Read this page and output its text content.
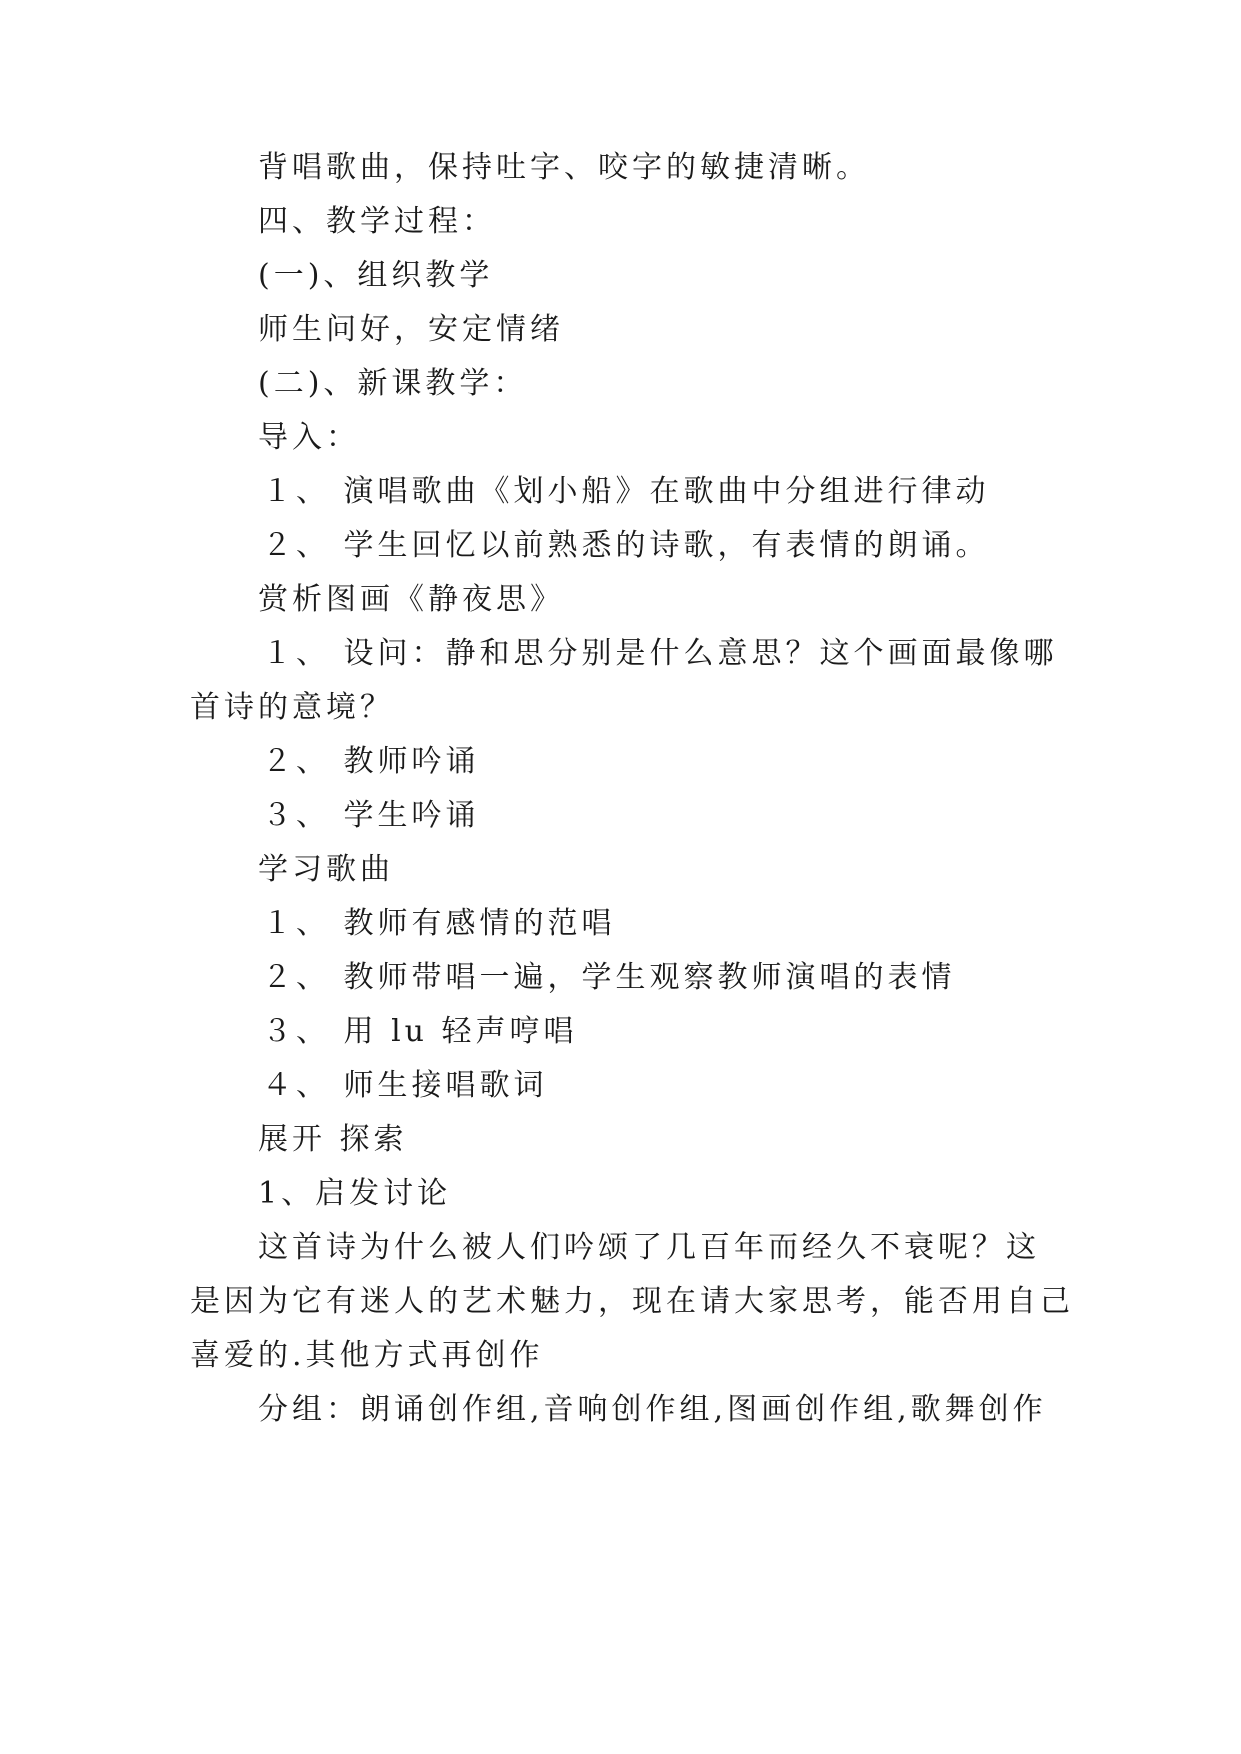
背唱歌曲，保持吐字、咬字的敏捷清晰。
四、教学过程：
(一)、组织教学
师生问好，安定情绪
(二)、新课教学：
导入：
１、 演唱歌曲《划小船》在歌曲中分组进行律动
２、 学生回忆以前熟悉的诗歌，有表情的朗诵。
赏析图画《静夜思》
１、 设问：静和思分别是什么意思？这个画面最像哪
首诗的意境？
２、 教师吟诵
３、 学生吟诵
学习歌曲
１、 教师有感情的范唱
２、 教师带唱一遍，学生观察教师演唱的表情
３、 用 lu 轻声哼唱
４、 师生接唱歌词
展开 探索
1、启发讨论
这首诗为什么被人们吟颂了几百年而经久不衰呢？这
是因为它有迷人的艺术魅力，现在请大家思考，能否用自己
喜爱的.其他方式再创作
分组：朗诵创作组,音响创作组,图画创作组,歌舞创作
